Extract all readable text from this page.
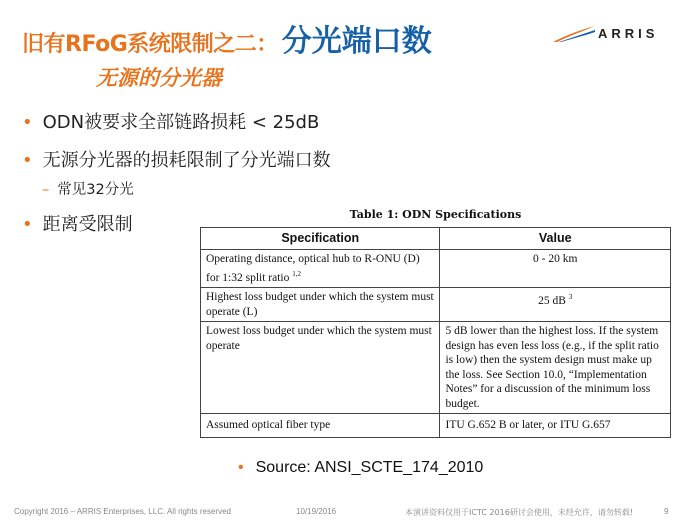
旧有RFoG系统限制之二： 分光端口数
无源的分光器
ARRIS
• ODN被要求全部链路损耗 < 25dB
• 无源分光器的损耗限制了分光端口数
– 常见32分光
• 距离受限制	Table 1: ODN Specifications
Specification	Value
Operating distance, optical hub to R-ONU (D) for 1:32 split ratio $^{1,2}$	0 - 20 km
Highest loss budget under which the system must operate (L)	25 dB $^3$
Lowest loss budget under which the system must operate	5 dB lower than the highest loss. If the system design has even less loss (e.g., if the split ratio is low) then the system design must make up the loss. See Section 10.0, “Implementation Notes” for a discussion of the minimum loss budget.
Assumed optical fiber type	ITU G.652 B or later, or ITU G.657
• Source: ANSI_SCTE_174_2010
Copyright 2016 – ARRIS Enterprises, LLC. All rights reserved	10/19/2016	本演讲资料仅用于ICTC 2016研讨会使用，未经允许，请勿转载!	9
